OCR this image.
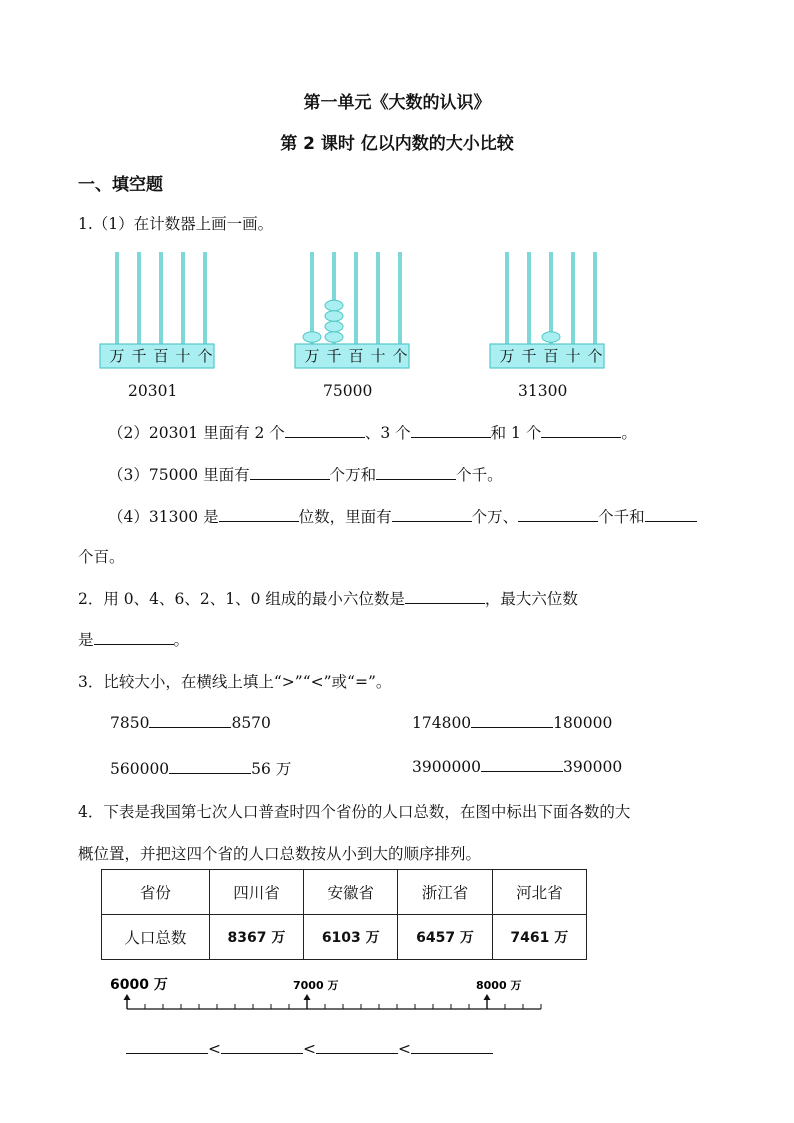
第一单元《大数的认识》
第 2 课时 亿以内数的大小比较
一、填空题
1.（1）在计数器上画一画。
万 千 百 十 个	万 千 百 十 个	万 千 百 十 个
20301	75000	31300
（2）20301 里面有 2 个	、3 个	和 1 个	。
（3）75000 里面有	个万和	个千。
（4）31300 是	位数，里面有	个万、	个千和
个百。
2．用 0、4、6、2、1、0 组成的最小六位数是	，最大六位数
是	。
3．比较大小，在横线上填上“>”“<”或“=”。
7850	8570	174800	180000
560000	56 万	3900000	390000
4．下表是我国第七次人口普查时四个省份的人口总数，在图中标出下面各数的大
概位置，并把这四个省的人口总数按从小到大的顺序排列。
省份	四川省	安徽省	浙江省	河北省
人口总数	8367 万	6103 万	6457 万	7461 万
6000 万	7000 万	8000 万
<	<	<
